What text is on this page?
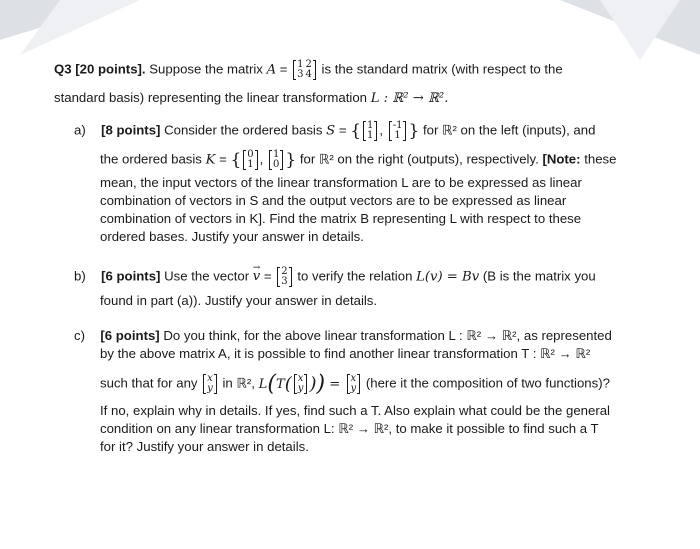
Q3 [20 points]. Suppose the matrix A = 1	2
3	4 is the standard matrix (with respect to the
standard basis) representing the linear transformation L : ℝ² → ℝ².
a) [8 points] Consider the ordered basis S = { 1
1 , -1
1 } for ℝ² on the left (inputs), and
the ordered basis K = { 0
1 , 1
0 } for ℝ² on the right (outputs), respectively. [Note: these
mean, the input vectors of the linear transformation L are to be expressed as linear
combination of vectors in S and the output vectors are to be expressed as linear
combination of vectors in K]. Find the matrix B representing L with respect to these
ordered bases. Justify your answer in details.
b) [6 points] Use the vector v → = 2
3 to verify the relation L(v) = Bv (B is the matrix you
found in part (a)). Justify your answer in details.
c) [6 points] Do you think, for the above linear transformation L : ℝ² → ℝ², as represented
by the above matrix A, it is possible to find another linear transformation T : ℝ² → ℝ²
such that for any x
y in ℝ², L(T( x
y )) = x
y (here it the composition of two functions)?
If no, explain why in details. If yes, find such a T. Also explain what could be the general
condition on any linear transformation L: ℝ² → ℝ², to make it possible to find such a T
for it? Justify your answer in details.
